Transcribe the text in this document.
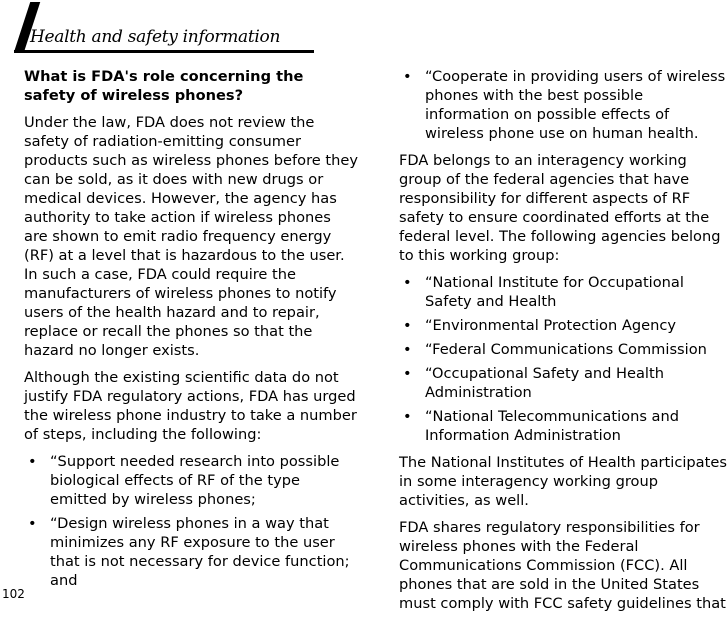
Health and safety information
What is FDA's role concerning the safety of wireless phones?
Under the law, FDA does not review the safety of radiation-emitting consumer products such as wireless phones before they can be sold, as it does with new drugs or medical devices. However, the agency has authority to take action if wireless phones are shown to emit radio frequency energy (RF) at a level that is hazardous to the user. In such a case, FDA could require the manufacturers of wireless phones to notify users of the health hazard and to repair, replace or recall the phones so that the hazard no longer exists.
Although the existing scientific data do not justify FDA regulatory actions, FDA has urged the wireless phone industry to take a number of steps, including the following:
• “Support needed research into possible biological effects of RF of the type emitted by wireless phones;
• “Design wireless phones in a way that minimizes any RF exposure to the user that is not necessary for device function; and
• “Cooperate in providing users of wireless phones with the best possible information on possible effects of wireless phone use on human health.
FDA belongs to an interagency working group of the federal agencies that have responsibility for different aspects of RF safety to ensure coordinated efforts at the federal level. The following agencies belong to this working group:
• “National Institute for Occupational Safety and Health
• “Environmental Protection Agency
• “Federal Communications Commission
• “Occupational Safety and Health Administration
• “National Telecommunications and Information Administration
The National Institutes of Health participates in some interagency working group activities, as well.
FDA shares regulatory responsibilities for wireless phones with the Federal Communications Commission (FCC). All phones that are sold in the United States must comply with FCC safety guidelines that
102
